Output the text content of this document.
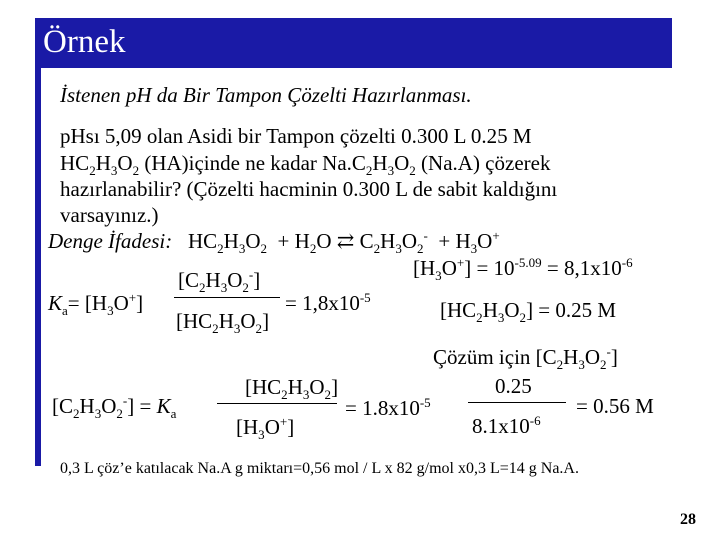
Örnek
İstenen pH da Bir Tampon Çözelti Hazırlanması.
pHsı 5,09 olan Asidi bir Tampon çözelti 0.300 L 0.25 M
$HC_2H_3O_2$ (HA)içinde ne kadar $Na.C_2H_3O_2$ (Na.A) çözerek
hazırlanabilir? (Çözelti hacminin 0.300 L de sabit kaldığını
varsayınız.)
Denge İfadesi: $HC_2H_3O_2 + H_2O$ ⇄ $C_2H_3O_2^- + H_3O^+$
$[H_3O^+] = 10^{-5.09} = 8,1x10^{-6}$
$[C_2H_3O_2^-]$
$K_a= [H_3O^+]$	= $1,8x10^{-5}$
$[HC_2H_3O_2]$	$[HC_2H_3O_2] = 0.25$ M
Çözüm için $[C_2H_3O_2^-]$
0.25
= 0.56 M
$8.1x10^{-6}$
$[HC_2H_3O_2]$
$[C_2H_3O_2^-] = K_a$	= $1.8x10^{-5}$
$[H_3O^+]$
0,3 L çöz’e katılacak Na.A g miktarı=0,56 mol / L x 82 g/mol x0,3 L=14 g Na.A.
28
